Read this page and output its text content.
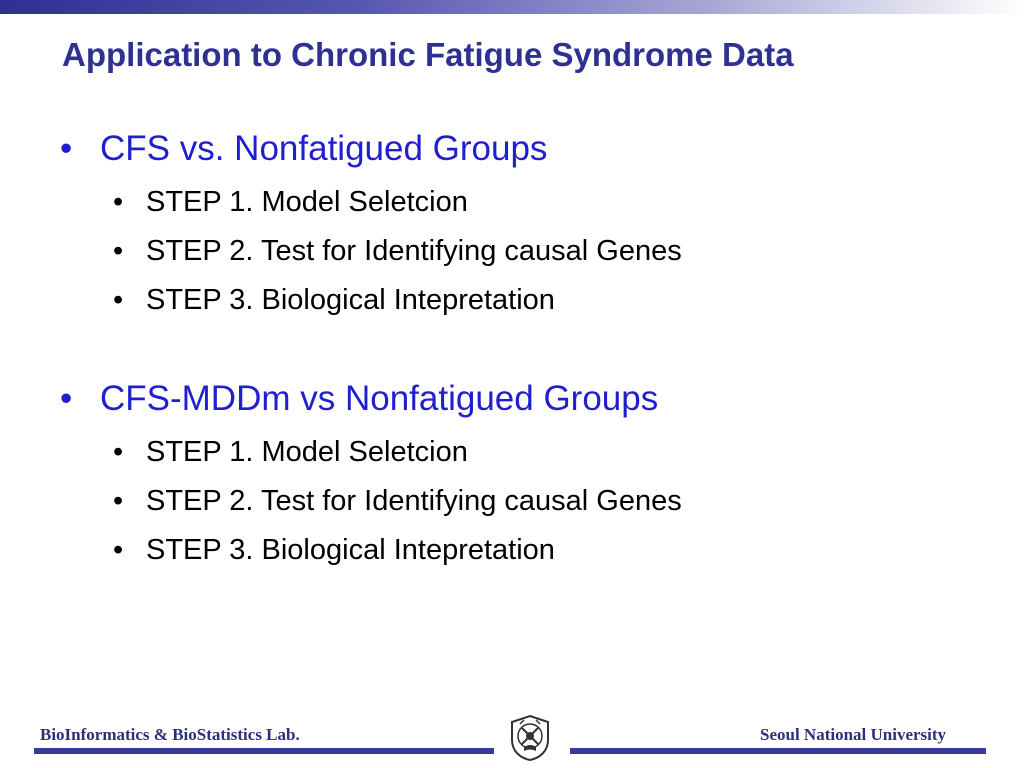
Application to Chronic Fatigue Syndrome Data
• CFS vs. Nonfatigued Groups
• STEP 1. Model Seletcion
• STEP 2. Test for Identifying causal Genes
• STEP 3. Biological Intepretation
• CFS-MDDm vs Nonfatigued Groups
• STEP 1. Model Seletcion
• STEP 2. Test for Identifying causal Genes
• STEP 3. Biological Intepretation
BioInformatics & BioStatistics Lab.	Seoul National University
